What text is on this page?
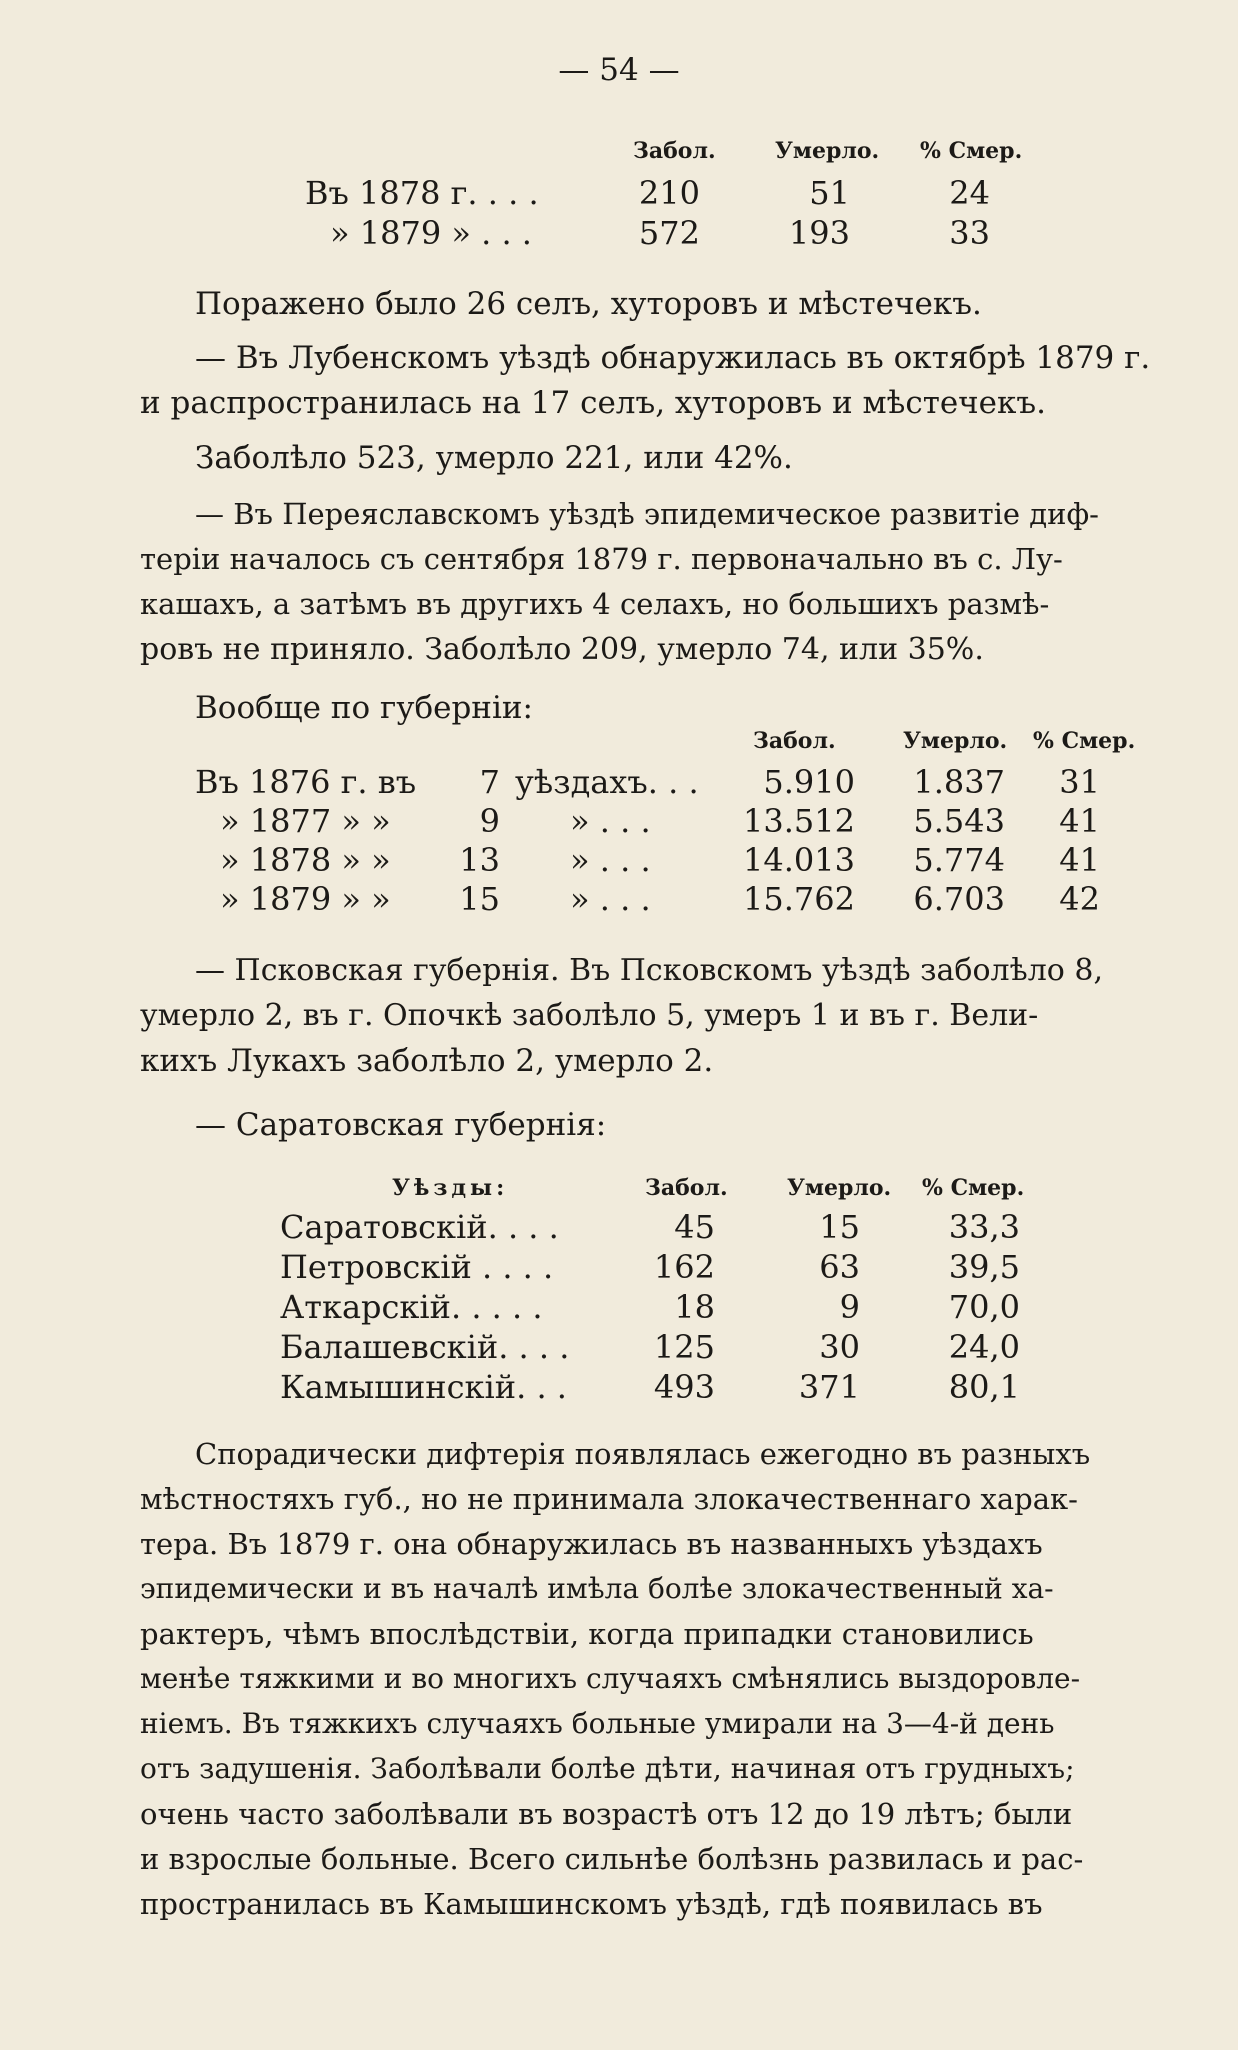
— 54 —
Забол.	Умерло. % Смер.
Въ 1878 г. . . .	210	51	24
» 1879 » . . .	572	193	33
Поражено было 26 селъ, хуторовъ и мѣстечекъ.
— Въ Лубенскомъ уѣздѣ обнаружилась въ октябрѣ 1879 г.
и распространилась на 17 селъ, хуторовъ и мѣстечекъ.
Заболѣло 523, умерло 221, или 42%.
— Въ Переяславскомъ уѣздѣ эпидемическое развитіе диф-
теріи началось съ сентября 1879 г. первоначально въ с. Лу-
кашахъ, а затѣмъ въ другихъ 4 селахъ, но большихъ размѣ-
ровъ не приняло. Заболѣло 209, умерло 74, или 35%.
Вообще по губерніи:
Забол.	Умерло. % Смер.
Въ 1876 г. въ	7 уѣздахъ. . .	5.910	1.837	31
» 1877 » »	9 » . . .	13.512	5.543	41
» 1878 » »	13 » . . .	14.013	5.774	41
» 1879 » »	15 » . . .	15.762	6.703	42
— Псковская губернія. Въ Псковскомъ уѣздѣ заболѣло 8,
умерло 2, въ г. Опочкѣ заболѣло 5, умеръ 1 и въ г. Вели-
кихъ Лукахъ заболѣло 2, умерло 2.
— Саратовская губернія:
Уѣзды:	Забол.	Умерло. % Смер.
Саратовскій. . . .	45	15	33,3
Петровскій . . . .	162	63	39,5
Аткарскій. . . . .	18	9	70,0
Балашевскій. . . .	125	30	24,0
Камышинскій. . .	493	371	80,1
Спорадически дифтерія появлялась ежегодно въ разныхъ
мѣстностяхъ губ., но не принимала злокачественнаго харак-
тера. Въ 1879 г. она обнаружилась въ названныхъ уѣздахъ
эпидемически и въ началѣ имѣла болѣе злокачественный ха-
рактеръ, чѣмъ впослѣдствіи, когда припадки становились
менѣе тяжкими и во многихъ случаяхъ смѣнялись выздоровле-
ніемъ. Въ тяжкихъ случаяхъ больные умирали на 3—4-й день
отъ задушенія. Заболѣвали болѣе дѣти, начиная отъ грудныхъ;
очень часто заболѣвали въ возрастѣ отъ 12 до 19 лѣтъ; были
и взрослые больные. Всего сильнѣе болѣзнь развилась и рас-
пространилась въ Камышинскомъ уѣздѣ, гдѣ появилась въ
